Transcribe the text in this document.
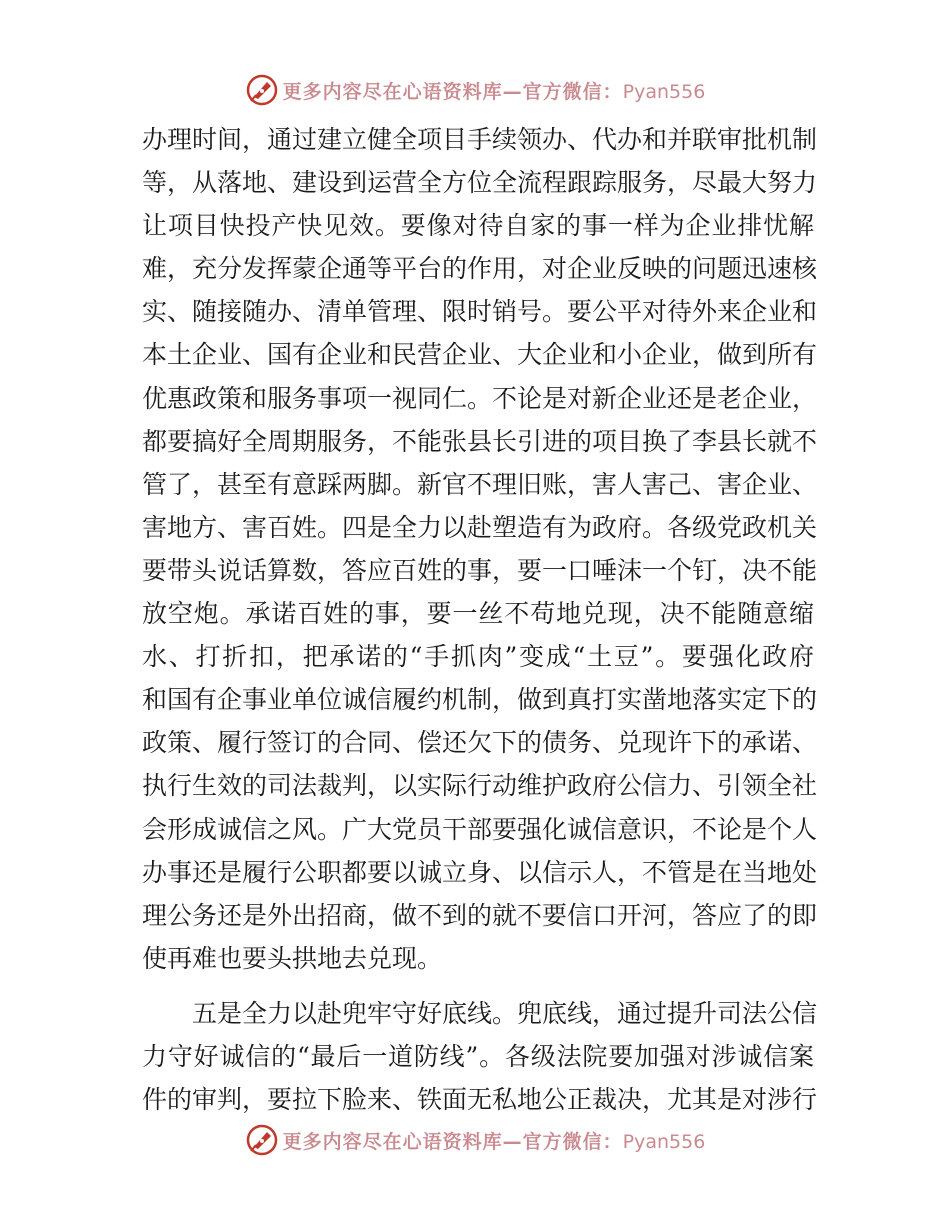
更多内容尽在心语资料库—官方微信：Pyan556
办理时间，通过建立健全项目手续领办、代办和并联审批机制
等，从落地、建设到运营全方位全流程跟踪服务，尽最大努力
让项目快投产快见效。要像对待自家的事一样为企业排忧解
难，充分发挥蒙企通等平台的作用，对企业反映的问题迅速核
实、随接随办、清单管理、限时销号。要公平对待外来企业和
本土企业、国有企业和民营企业、大企业和小企业，做到所有
优惠政策和服务事项一视同仁。不论是对新企业还是老企业，
都要搞好全周期服务，不能张县长引进的项目换了李县长就不
管了，甚至有意踩两脚。新官不理旧账，害人害己、害企业、
害地方、害百姓。四是全力以赴塑造有为政府。各级党政机关
要带头说话算数，答应百姓的事，要一口唾沫一个钉，决不能
放空炮。承诺百姓的事，要一丝不苟地兑现，决不能随意缩
水、打折扣，把承诺的“手抓肉”变成“土豆”。要强化政府
和国有企事业单位诚信履约机制，做到真打实凿地落实定下的
政策、履行签订的合同、偿还欠下的债务、兑现许下的承诺、
执行生效的司法裁判，以实际行动维护政府公信力、引领全社
会形成诚信之风。广大党员干部要强化诚信意识，不论是个人
办事还是履行公职都要以诚立身、以信示人，不管是在当地处
理公务还是外出招商，做不到的就不要信口开河，答应了的即
使再难也要头拱地去兑现。
五是全力以赴兜牢守好底线。兜底线，通过提升司法公信
力守好诚信的“最后一道防线”。各级法院要加强对涉诚信案
件的审判，要拉下脸来、铁面无私地公正裁决，尤其是对涉行
更多内容尽在心语资料库—官方微信：Pyan556
